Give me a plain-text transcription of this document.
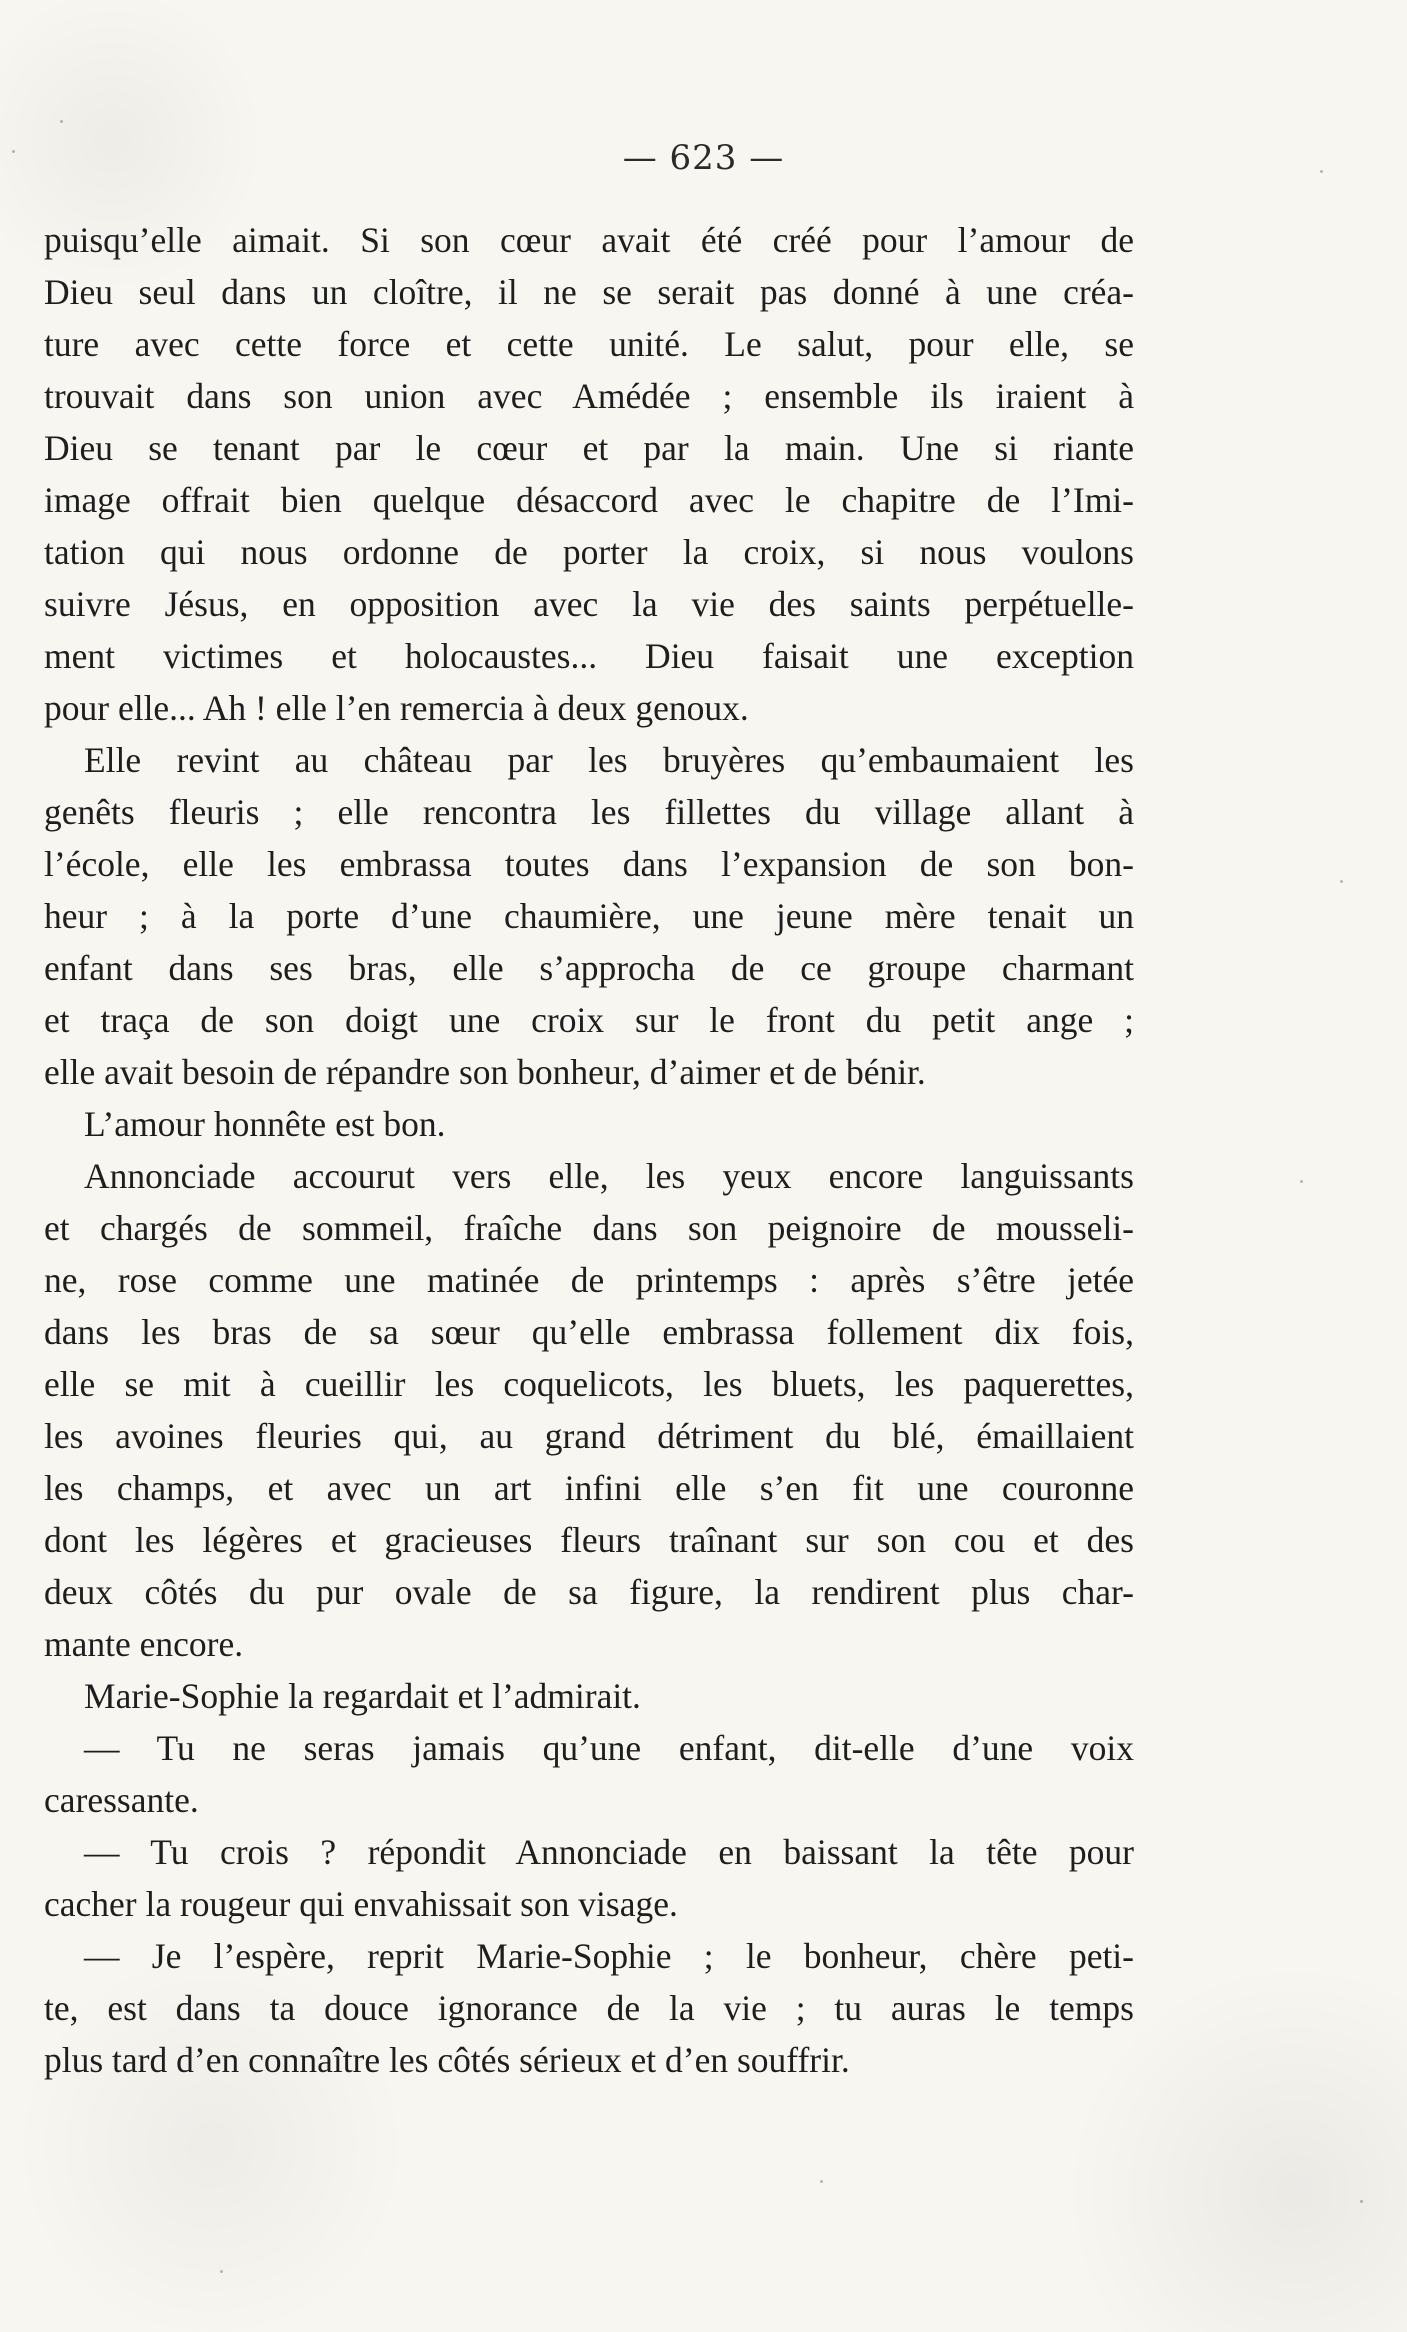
— 623 —
puisqu’elle aimait. Si son cœur avait été créé pour l’amour de
Dieu seul dans un cloître, il ne se serait pas donné à une créa-
ture avec cette force et cette unité. Le salut, pour elle, se
trouvait dans son union avec Amédée ; ensemble ils iraient à
Dieu se tenant par le cœur et par la main. Une si riante
image offrait bien quelque désaccord avec le chapitre de l’Imi-
tation qui nous ordonne de porter la croix, si nous voulons
suivre Jésus, en opposition avec la vie des saints perpétuelle-
ment victimes et holocaustes... Dieu faisait une exception
pour elle... Ah ! elle l’en remercia à deux genoux.
Elle revint au château par les bruyères qu’embaumaient les
genêts fleuris ; elle rencontra les fillettes du village allant à
l’école, elle les embrassa toutes dans l’expansion de son bon-
heur ; à la porte d’une chaumière, une jeune mère tenait un
enfant dans ses bras, elle s’approcha de ce groupe charmant
et traça de son doigt une croix sur le front du petit ange ;
elle avait besoin de répandre son bonheur, d’aimer et de bénir.
L’amour honnête est bon.
Annonciade accourut vers elle, les yeux encore languissants
et chargés de sommeil, fraîche dans son peignoire de mousseli-
ne, rose comme une matinée de printemps : après s’être jetée
dans les bras de sa sœur qu’elle embrassa follement dix fois,
elle se mit à cueillir les coquelicots, les bluets, les paquerettes,
les avoines fleuries qui, au grand détriment du blé, émaillaient
les champs, et avec un art infini elle s’en fit une couronne
dont les légères et gracieuses fleurs traînant sur son cou et des
deux côtés du pur ovale de sa figure, la rendirent plus char-
mante encore.
Marie-Sophie la regardait et l’admirait.
— Tu ne seras jamais qu’une enfant, dit-elle d’une voix
caressante.
— Tu crois ? répondit Annonciade en baissant la tête pour
cacher la rougeur qui envahissait son visage.
— Je l’espère, reprit Marie-Sophie ; le bonheur, chère peti-
te, est dans ta douce ignorance de la vie ; tu auras le temps
plus tard d’en connaître les côtés sérieux et d’en souffrir.
